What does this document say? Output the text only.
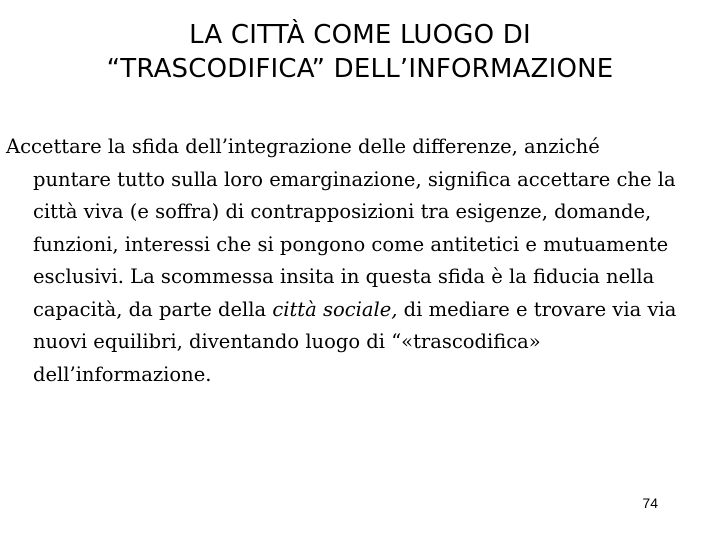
LA CITTÀ COME LUOGO DI
“TRASCODIFICA” DELL’INFORMAZIONE
Accettare la sfida dell’integrazione delle differenze, anziché
puntare tutto sulla loro emarginazione, significa accettare che la
città viva (e soffra) di contrapposizioni tra esigenze, domande,
funzioni, interessi che si pongono come antitetici e mutuamente
esclusivi. La scommessa insita in questa sfida è la fiducia nella
capacità, da parte della città sociale, di mediare e trovare via via
nuovi equilibri, diventando luogo di “«trascodifica»
dell’informazione.
74
